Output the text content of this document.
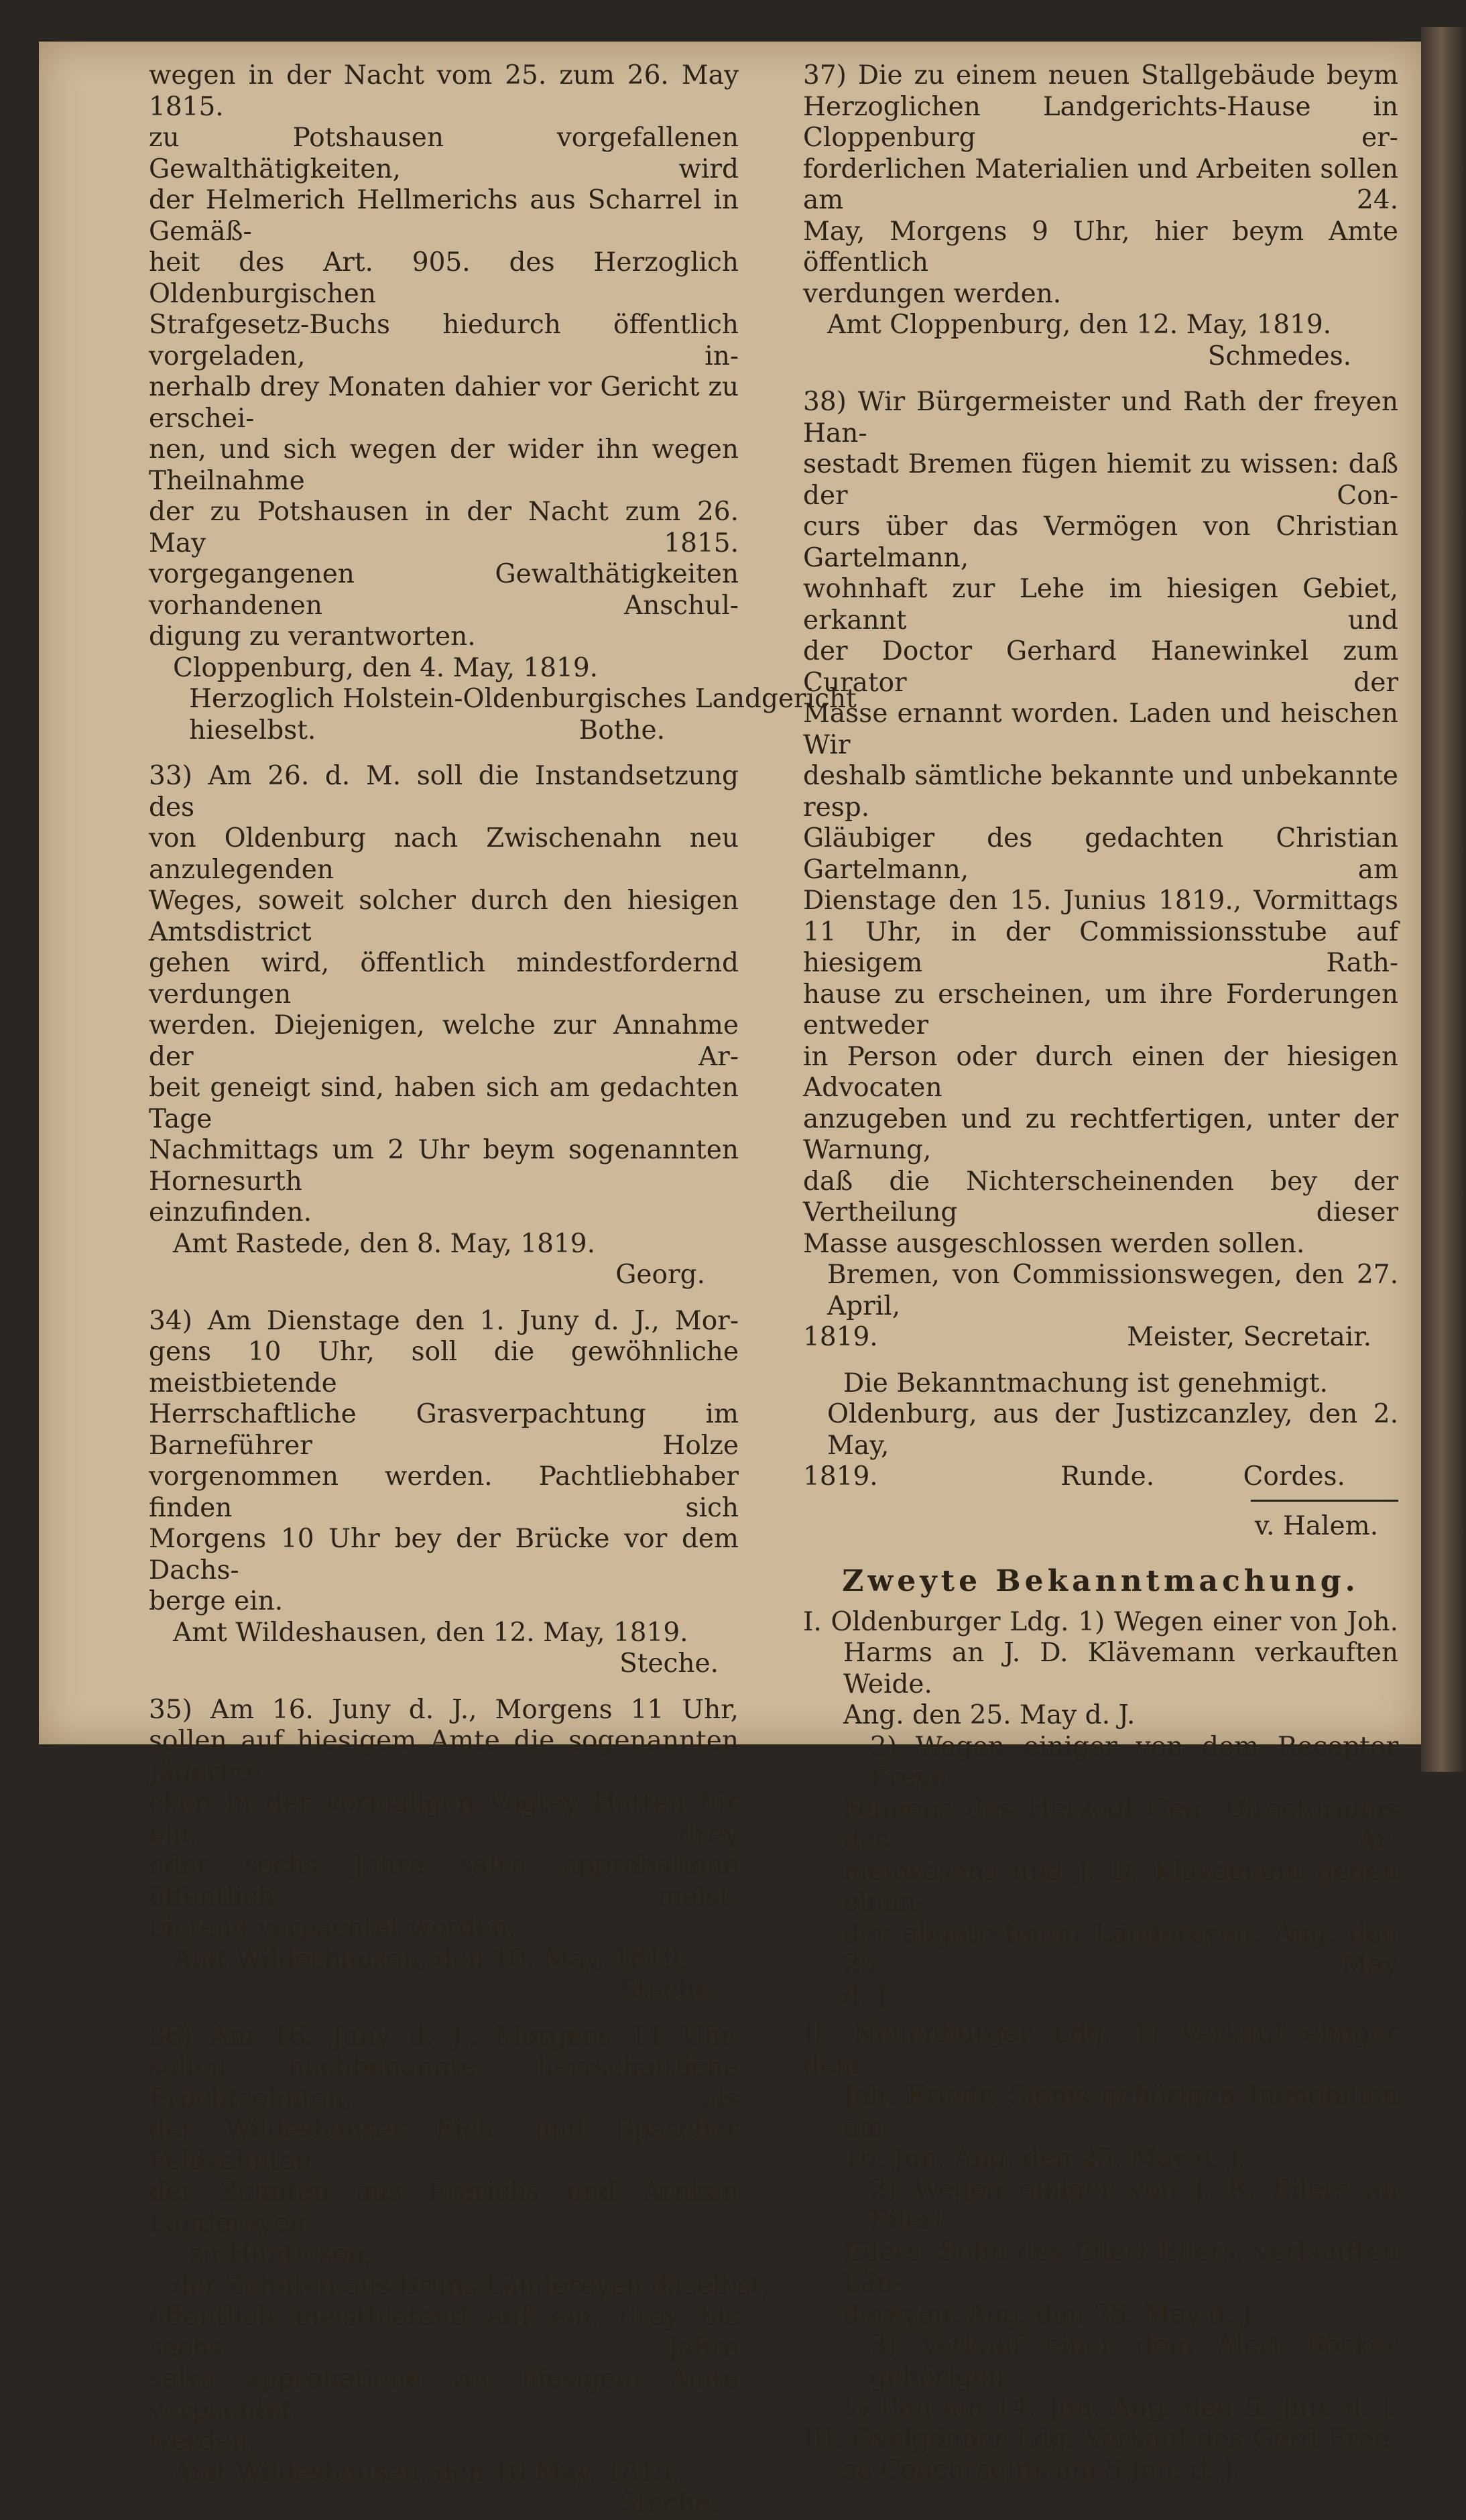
wegen in der Nacht vom 25. zum 26. May 1815.
zu Potshausen vorgefallenen Gewalthätigkeiten, wird
der Helmerich Hellmerichs aus Scharrel in Gemäß-
heit des Art. 905. des Herzoglich Oldenburgischen
Strafgesetz-Buchs hiedurch öffentlich vorgeladen, in-
nerhalb drey Monaten dahier vor Gericht zu erschei-
nen, und sich wegen der wider ihn wegen Theilnahme
der zu Potshausen in der Nacht zum 26. May 1815.
vorgegangenen Gewalthätigkeiten vorhandenen Anschul-
digung zu verantworten.
Cloppenburg, den 4. May, 1819.
Herzoglich Holstein-Oldenburgisches Landgericht
hieselbst.	Bothe.
33) Am 26. d. M. soll die Instandsetzung des
von Oldenburg nach Zwischenahn neu anzulegenden
Weges, soweit solcher durch den hiesigen Amtsdistrict
gehen wird, öffentlich mindestfordernd verdungen
werden. Diejenigen, welche zur Annahme der Ar-
beit geneigt sind, haben sich am gedachten Tage
Nachmittags um 2 Uhr beym sogenannten Hornesurth
einzufinden.
Amt Rastede, den 8. May, 1819.
Georg.
34) Am Dienstage den 1. Juny d. J., Mor-
gens 10 Uhr, soll die gewöhnliche meistbietende
Herrschaftliche Grasverpachtung im Barneführer Holze
vorgenommen werden. Pachtliebhaber finden sich
Morgens 10 Uhr bey der Brücke vor dem Dachs-
berge ein.
Amt Wildeshausen, den 12. May, 1819.
Steche.
35) Am 16. Juny d. J., Morgens 11 Uhr,
sollen auf hiesigem Amte die sogenannten Jägerho-
cken in der vormaligen Vogtey Hatten für ein, drey
oder sechs Jahre salva approbatione öffentlich meist-
bietend verpachtet werden.
Amt Wildeshausen, den 10. May, 1819.
Steche.
36) Am 16. Juny d. J., Morgens 11 Uhr,
sollen nachbenannte herrschaftliche Fruchtzehnten, als
der Wildeshauser Eich- und Spascher Feldzehnten,
der Zehnten aus Frerichs und Arnken Ländereyen
zu Huntlosen,
der Zehnten aus Bruns Ländereyen daselbst,
öffentlich meistbietend auf ein, drey bis sechs Jahre
salva approbatione vor hiesigem Amte verpachtet
werden.
Amt Wildeshausen, den 10 May, 1819.
Steche.
37) Die zu einem neuen Stallgebäude beym
Herzoglichen Landgerichts-Hause in Cloppenburg er-
forderlichen Materialien und Arbeiten sollen am 24.
May, Morgens 9 Uhr, hier beym Amte öffentlich
verdungen werden.
Amt Cloppenburg, den 12. May, 1819.
Schmedes.
38) Wir Bürgermeister und Rath der freyen Han-
sestadt Bremen fügen hiemit zu wissen: daß der Con-
curs über das Vermögen von Christian Gartelmann,
wohnhaft zur Lehe im hiesigen Gebiet, erkannt und
der Doctor Gerhard Hanewinkel zum Curator der
Masse ernannt worden. Laden und heischen Wir
deshalb sämtliche bekannte und unbekannte resp.
Gläubiger des gedachten Christian Gartelmann, am
Dienstage den 15. Junius 1819., Vormittags
11 Uhr, in der Commissionsstube auf hiesigem Rath-
hause zu erscheinen, um ihre Forderungen entweder
in Person oder durch einen der hiesigen Advocaten
anzugeben und zu rechtfertigen, unter der Warnung,
daß die Nichterscheinenden bey der Vertheilung dieser
Masse ausgeschlossen werden sollen.
Bremen, von Commissionswegen, den 27. April,
1819.	Meister, Secretair.
Die Bekanntmachung ist genehmigt.
Oldenburg, aus der Justizcanzley, den 2. May,
1819.	Runde.	Cordes.
v. Halem.
Zweyte Bekanntmachung.
I. Oldenburger Ldg. 1) Wegen einer von Joh.
Harms an J. D. Klävemann verkauften Weide.
Ang. den 25. May d. J.
2) Wegen einiger von dem Receptor Freye
Namens des Herzogl Gen. Directoriums des Ar-
menwesens und J. D. Klävemann gegen einan-
der abgetretenen Ländereyen. Ang. den 25. May
d. J.
II. Neuenburger Ldg. 1) Verkauf einiger dem
Joh. Friedr. Siems gehörigen Immobilien am
16. Jun. Ang. den 25. May d. J.
2) Wegen einiger von J. R. Eilers an Eilert
Eilers, Sohn des Eilert Eilers, verkauften Län-
dereyen. Ang. den 25. May d. J.
3) Verkauf einer dem Alert Böcker gehörigen
¼ Bau am 14. Jun. Ang. den 5. Jun. d. J.
III. Ovelgönner Ldg. Verkauf des Gerd Free-
se Concursguts am 5 Jun. d. J.
